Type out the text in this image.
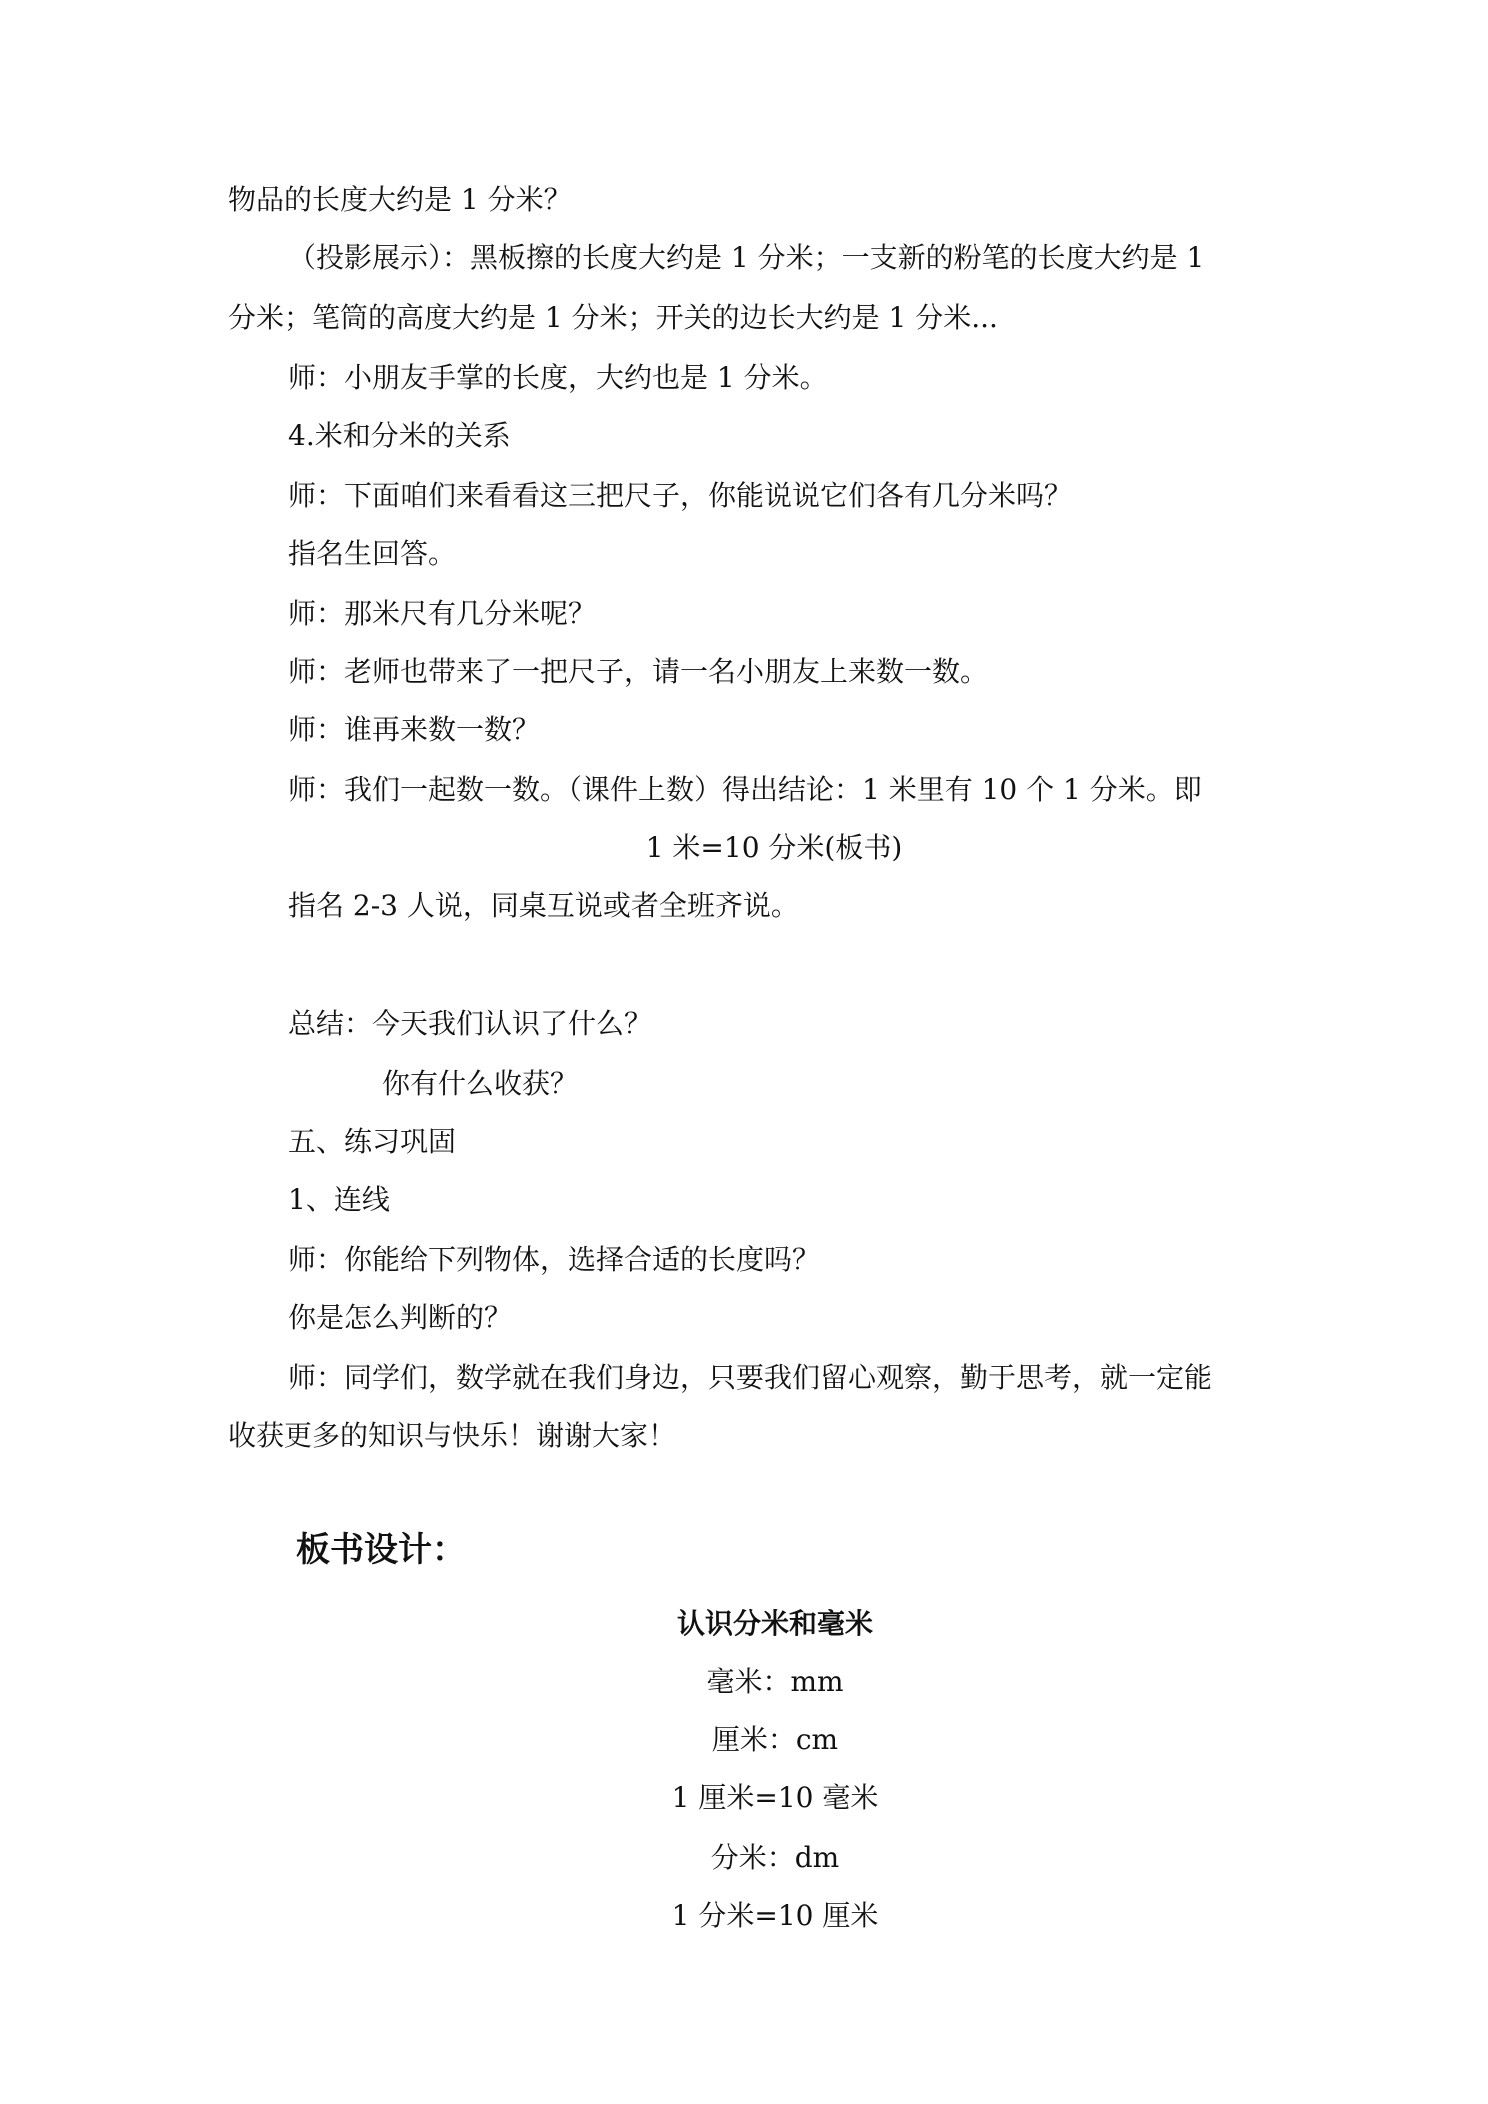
物品的长度大约是 1 分米？
（投影展示）：黑板擦的长度大约是 1 分米；一支新的粉笔的长度大约是 1
分米；笔筒的高度大约是 1 分米；开关的边长大约是 1 分米...
师：小朋友手掌的长度，大约也是 1 分米。
4.米和分米的关系
师：下面咱们来看看这三把尺子，你能说说它们各有几分米吗？
指名生回答。
师：那米尺有几分米呢？
师：老师也带来了一把尺子，请一名小朋友上来数一数。
师：谁再来数一数？
师：我们一起数一数。（课件上数）得出结论：1 米里有 10 个 1 分米。即
1 米=10 分米(板书)
指名 2-3 人说，同桌互说或者全班齐说。
总结：今天我们认识了什么？
你有什么收获？
五、练习巩固
1、连线
师：你能给下列物体，选择合适的长度吗？
你是怎么判断的？
师：同学们，数学就在我们身边，只要我们留心观察，勤于思考，就一定能
收获更多的知识与快乐！谢谢大家！
板书设计：
认识分米和毫米
毫米：mm
厘米：cm
1 厘米=10 毫米
分米：dm
1 分米=10 厘米
